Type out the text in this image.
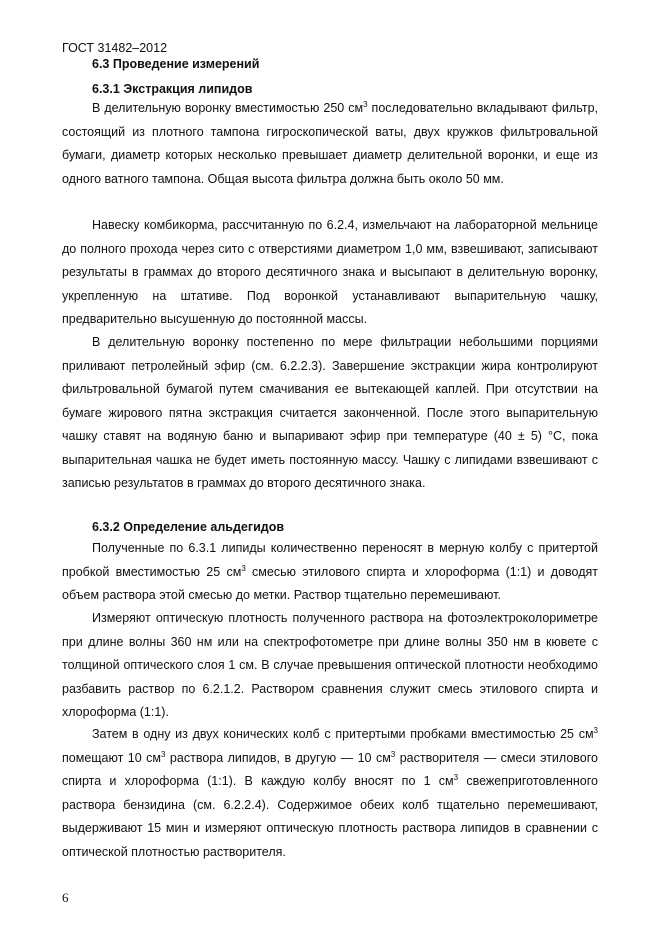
ГОСТ 31482–2012
6.3 Проведение измерений
6.3.1 Экстракция липидов

В делительную воронку вместимостью 250 $см^3$ последовательно вкладывают фильтр, состоящий из плотного тампона гигроскопической ваты, двух кружков фильтровальной бумаги, диаметр которых несколько превышает диаметр делительной воронки, и еще из одного ватного тампона. Общая высота фильтра должна быть около 50 мм.

Навеску комбикорма, рассчитанную по 6.2.4, измельчают на лабораторной мельнице до полного прохода через сито с отверстиями диаметром 1,0 мм, взвешивают, записывают результаты в граммах до второго десятичного знака и высыпают в делительную воронку, укрепленную на штативе. Под воронкой устанавливают выпарительную чашку, предварительно высушенную до постоянной массы.

В делительную воронку постепенно по мере фильтрации небольшими порциями приливают петролейный эфир (см. 6.2.2.3). Завершение экстракции жира контролируют фильтровальной бумагой путем смачивания ее вытекающей каплей. При отсутствии на бумаге жирового пятна экстракция считается законченной. После этого выпарительную чашку ставят на водяную баню и выпаривают эфир при температуре (40 ± 5) °С, пока выпарительная чашка не будет иметь постоянную массу. Чашку с липидами взвешивают с записью результатов в граммах до второго десятичного знака.

6.3.2 Определение альдегидов

Полученные по 6.3.1 липиды количественно переносят в мерную колбу с притертой пробкой вместимостью 25 $см^3$ смесью этилового спирта и хлороформа (1:1) и доводят объем раствора этой смесью до метки. Раствор тщательно перемешивают.

Измеряют оптическую плотность полученного раствора на фотоэлектроколориметре при длине волны 360 нм или на спектрофотометре при длине волны 350 нм в кювете с толщиной оптического слоя 1 см. В случае превышения оптической плотности необходимо разбавить раствор по 6.2.1.2. Раствором сравнения служит смесь этилового спирта и хлороформа (1:1).

Затем в одну из двух конических колб с притертыми пробками вместимостью 25 $см^3$ помещают 10 $см^3$ раствора липидов, в другую — 10 $см^3$ растворителя — смеси этилового спирта и хлороформа (1:1). В каждую колбу вносят по 1 $см^3$ свежеприготовленного раствора бензидина (см. 6.2.2.4). Содержимое обеих колб тщательно перемешивают, выдерживают 15 мин и измеряют оптическую плотность раствора липидов в сравнении с оптической плотностью растворителя.

6
